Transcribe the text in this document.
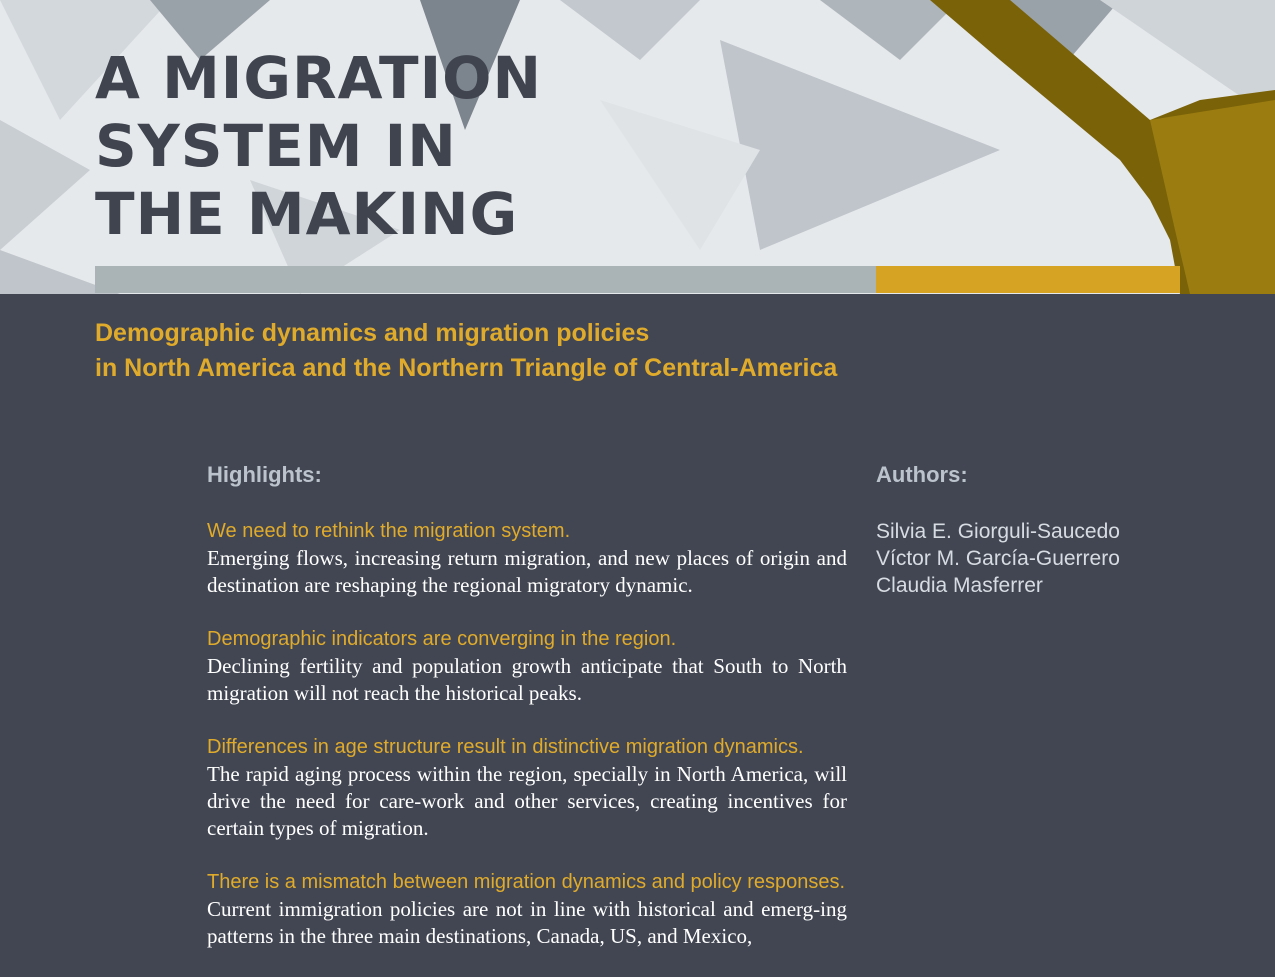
A MIGRATION
SYSTEM IN
THE MAKING
Demographic dynamics and migration policies
in North America and the Northern Triangle of Central-America
Highlights:	Authors:
We need to rethink the migration system.
Emerging flows, increasing return migration, and new places of origin and destination are reshaping the regional migratory dynamic.
Demographic indicators are converging in the region.
Declining fertility and population growth anticipate that South to North migration will not reach the historical peaks.
Differences in age structure result in distinctive migration dynamics.
The rapid aging process within the region, specially in North America, will drive the need for care-work and other services, creating incentives for certain types of migration.
There is a mismatch between migration dynamics and policy responses.
Current immigration policies are not in line with historical and emerg-ing patterns in the three main destinations, Canada, US, and Mexico,
Silvia E. Giorguli-Saucedo
Víctor M. García-Guerrero
Claudia Masferrer
